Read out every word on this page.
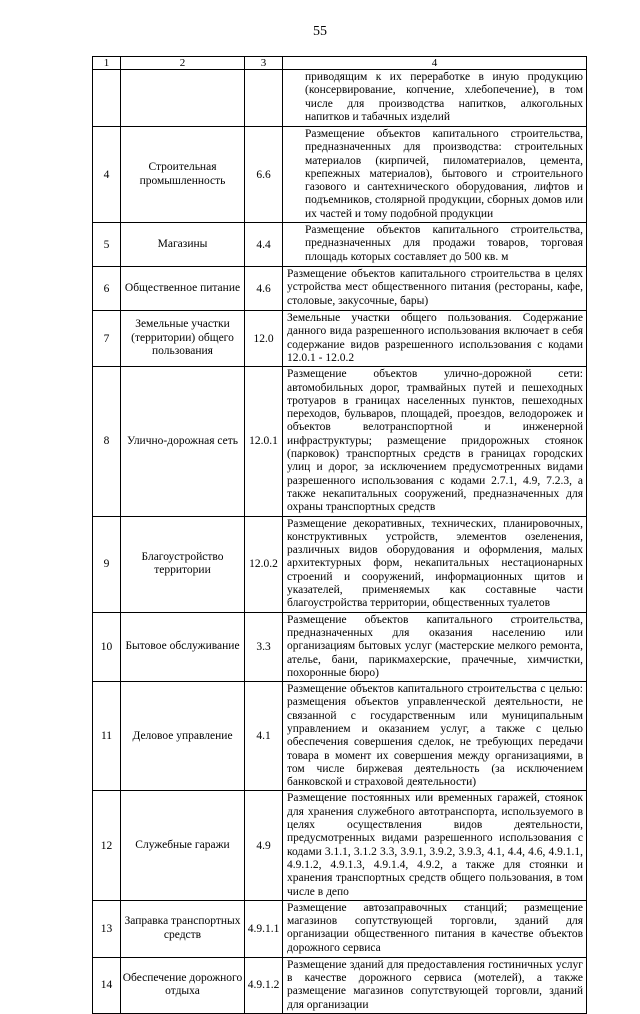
55
1	2	3	4
			приводящим к их переработке в иную продукцию (консервирование, копчение, хлебопечение), в том числе для производства напитков, алкогольных напитков и табачных изделий
4	Строительная промышленность	6.6	Размещение объектов капитального строительства, предназначенных для производства: строительных материалов (кирпичей, пиломатериалов, цемента, крепежных материалов), бытового и строительного газового и сантехнического оборудования, лифтов и подъемников, столярной продукции, сборных домов или их частей и тому подобной продукции
5	Магазины	4.4	Размещение объектов капитального строительства, предназначенных для продажи товаров, торговая площадь которых составляет до 500 кв. м
6	Общественное питание	4.6	Размещение объектов капитального строительства в целях устройства мест общественного питания (рестораны, кафе, столовые, закусочные, бары)
7	Земельные участки (территории) общего пользования	12.0	Земельные участки общего пользования. Содержание данного вида разрешенного использования включает в себя содержание видов разрешенного использования с кодами 12.0.1 - 12.0.2
8	Улично-дорожная сеть	12.0.1	Размещение объектов улично-дорожной сети: автомобильных дорог, трамвайных путей и пешеходных тротуаров в границах населенных пунктов, пешеходных переходов, бульваров, площадей, проездов, велодорожек и объектов велотранспортной и инженерной инфраструктуры; размещение придорожных стоянок (парковок) транспортных средств в границах городских улиц и дорог, за исключением предусмотренных видами разрешенного использования с кодами 2.7.1, 4.9, 7.2.3, а также некапитальных сооружений, предназначенных для охраны транспортных средств
9	Благоустройство территории	12.0.2	Размещение декоративных, технических, планировочных, конструктивных устройств, элементов озеленения, различных видов оборудования и оформления, малых архитектурных форм, некапитальных нестационарных строений и сооружений, информационных щитов и указателей, применяемых как составные части благоустройства территории, общественных туалетов
10	Бытовое обслуживание	3.3	Размещение объектов капитального строительства, предназначенных для оказания населению или организациям бытовых услуг (мастерские мелкого ремонта, ателье, бани, парикмахерские, прачечные, химчистки, похоронные бюро)
11	Деловое управление	4.1	Размещение объектов капитального строительства с целью: размещения объектов управленческой деятельности, не связанной с государственным или муниципальным управлением и оказанием услуг, а также с целью обеспечения совершения сделок, не требующих передачи товара в момент их совершения между организациями, в том числе биржевая деятельность (за исключением банковской и страховой деятельности)
12	Служебные гаражи	4.9	Размещение постоянных или временных гаражей, стоянок для хранения служебного автотранспорта, используемого в целях осуществления видов деятельности, предусмотренных видами разрешенного использования с кодами 3.1.1, 3.1.2 3.3, 3.9.1, 3.9.2, 3.9.3, 4.1, 4.4, 4.6, 4.9.1.1, 4.9.1.2, 4.9.1.3, 4.9.1.4, 4.9.2, а также для стоянки и хранения транспортных средств общего пользования, в том числе в депо
13	Заправка транспортных средств	4.9.1.1	Размещение автозаправочных станций; размещение магазинов сопутствующей торговли, зданий для организации общественного питания в качестве объектов дорожного сервиса
14	Обеспечение дорожного отдыха	4.9.1.2	Размещение зданий для предоставления гостиничных услуг в качестве дорожного сервиса (мотелей), а также размещение магазинов сопутствующей торговли, зданий для организации
